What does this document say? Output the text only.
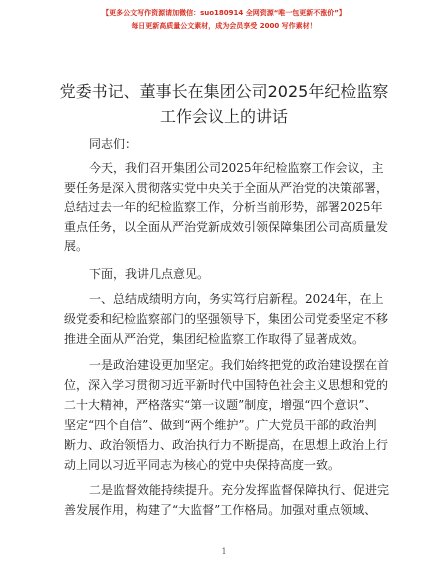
【更多公文写作资源请加微信：suo180914 全网资源“唯一包更新不涨价”】
每日更新高质量公文素材，成为会员享受 2000 写作素材！
党委书记、董事长在集团公司2025年纪检监察
工作会议上的讲话
同志们：
今天，我们召开集团公司2025年纪检监察工作会议，主
要任务是深入贯彻落实党中央关于全面从严治党的决策部署，
总结过去一年的纪检监察工作，分析当前形势，部署2025年
重点任务，以全面从严治党新成效引领保障集团公司高质量发
展。
下面，我讲几点意见。
一、总结成绩明方向，务实笃行启新程。2024年，在上
级党委和纪检监察部门的坚强领导下，集团公司党委坚定不移
推进全面从严治党，集团纪检监察工作取得了显著成效。
一是政治建设更加坚定。我们始终把党的政治建设摆在首
位，深入学习贯彻习近平新时代中国特色社会主义思想和党的
二十大精神，严格落实“第一议题”制度，增强“四个意识”、
坚定“四个自信”、做到“两个维护”。广大党员干部的政治判
断力、政治领悟力、政治执行力不断提高，在思想上政治上行
动上同以习近平同志为核心的党中央保持高度一致。
二是监督效能持续提升。充分发挥监督保障执行、促进完
善发展作用，构建了“大监督”工作格局。加强对重点领域、
1
